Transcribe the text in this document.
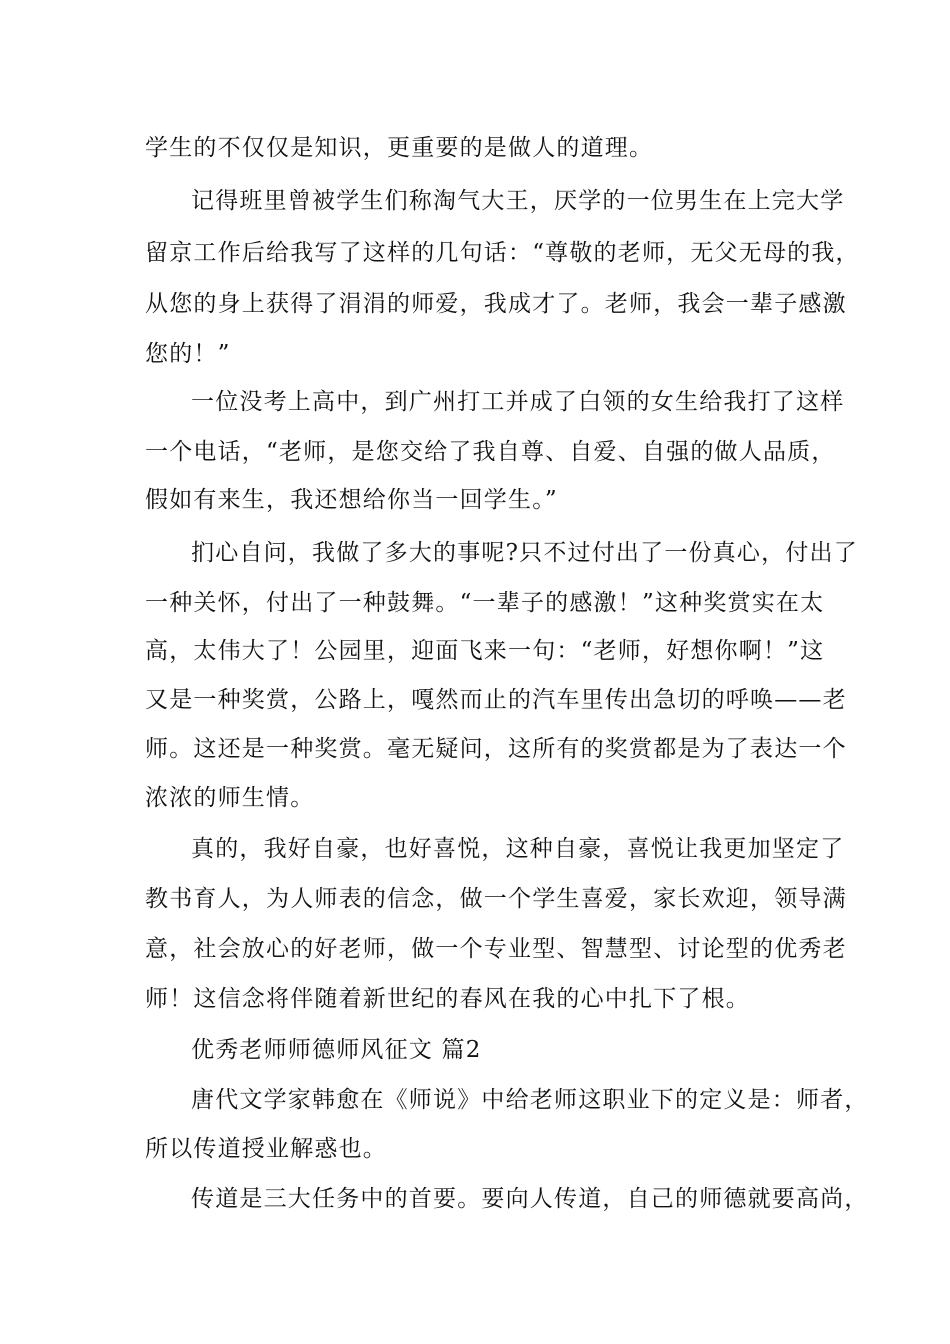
学生的不仅仅是知识，更重要的是做人的道理。
记得班里曾被学生们称淘气大王，厌学的一位男生在上完大学
留京工作后给我写了这样的几句话：“尊敬的老师，无父无母的我，
从您的身上获得了涓涓的师爱，我成才了。老师，我会一辈子感激
您的！”
一位没考上高中，到广州打工并成了白领的女生给我打了这样
一个电话，“老师，是您交给了我自尊、自爱、自强的做人品质，
假如有来生，我还想给你当一回学生。”
扪心自问，我做了多大的事呢?只不过付出了一份真心，付出了
一种关怀，付出了一种鼓舞。“一辈子的感激！”这种奖赏实在太
高，太伟大了！公园里，迎面飞来一句：“老师，好想你啊！”这
又是一种奖赏，公路上，嘎然而止的汽车里传出急切的呼唤——老
师。这还是一种奖赏。毫无疑问，这所有的奖赏都是为了表达一个
浓浓的师生情。
真的，我好自豪，也好喜悦，这种自豪，喜悦让我更加坚定了
教书育人，为人师表的信念，做一个学生喜爱，家长欢迎，领导满
意，社会放心的好老师，做一个专业型、智慧型、讨论型的优秀老
师！这信念将伴随着新世纪的春风在我的心中扎下了根。
优秀老师师德师风征文 篇2
唐代文学家韩愈在《师说》中给老师这职业下的定义是：师者，
所以传道授业解惑也。
传道是三大任务中的首要。要向人传道，自己的师德就要高尚，
